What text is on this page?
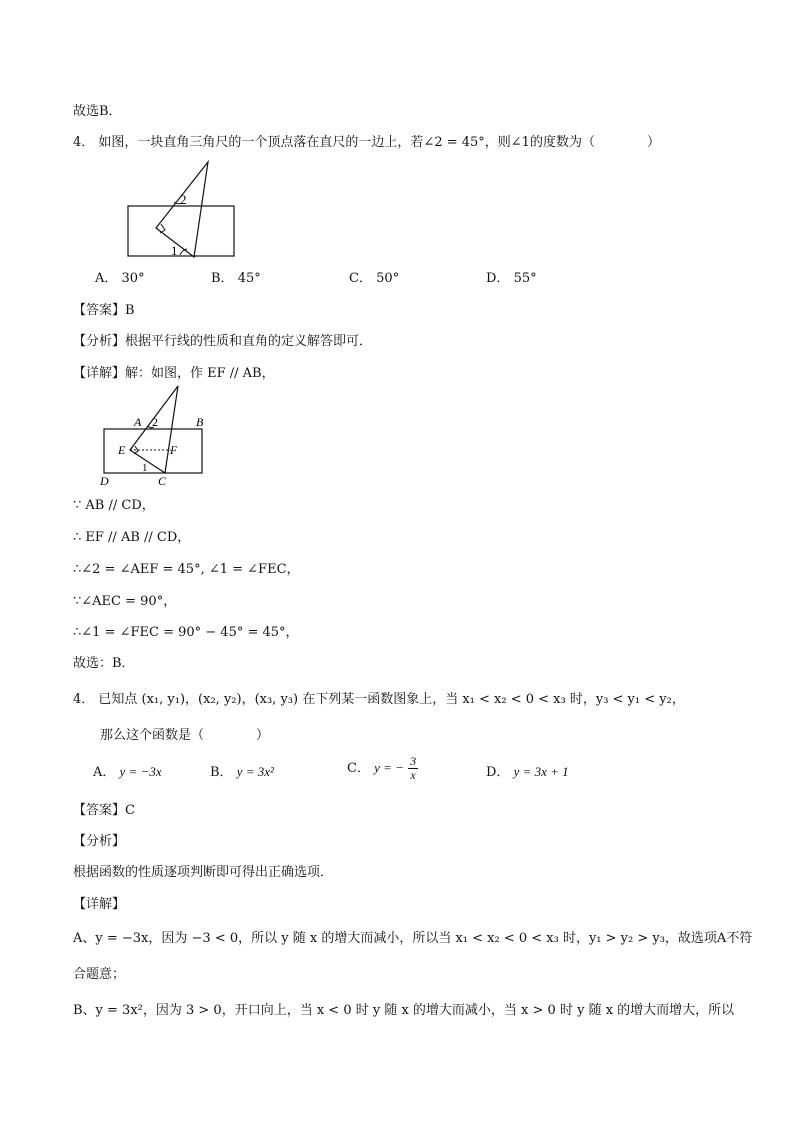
故选B．
4． 如图，一块直角三角尺的一个顶点落在直尺的一边上，若∠2 = 45°，则∠1的度数为（　　　　）
2
1
A． 30°	B． 45°	C． 50°	D． 55°
【答案】B
【分析】根据平行线的性质和直角的定义解答即可．
【详解】解：如图，作 EF // AB，
A 2	B
E	F
1
D	C
∵ AB // CD，
∴ EF // AB // CD，
∴∠2 = ∠AEF = 45°, ∠1 = ∠FEC，
∵∠AEC = 90°，
∴∠1 = ∠FEC = 90° − 45° = 45°，
故选：B．
4． 已知点 (x₁, y₁)，(x₂, y₂)，(x₃, y₃) 在下列某一函数图象上，当 x₁ < x₂ < 0 < x₃ 时，y₃ < y₁ < y₂，
那么这个函数是（　　　　）
A． y = −3x	B． y = 3x²	C． y = − $\frac{3}{x}$	D． y = 3x + 1
【答案】C
【分析】
根据函数的性质逐项判断即可得出正确选项．
【详解】
A、y = −3x，因为 −3 < 0，所以 y 随 x 的增大而减小，所以当 x₁ < x₂ < 0 < x₃ 时，y₁ > y₂ > y₃，故选项A不符
合题意；
B、y = 3x²，因为 3 > 0，开口向上，当 x < 0 时 y 随 x 的增大而减小，当 x > 0 时 y 随 x 的增大而增大，所以
